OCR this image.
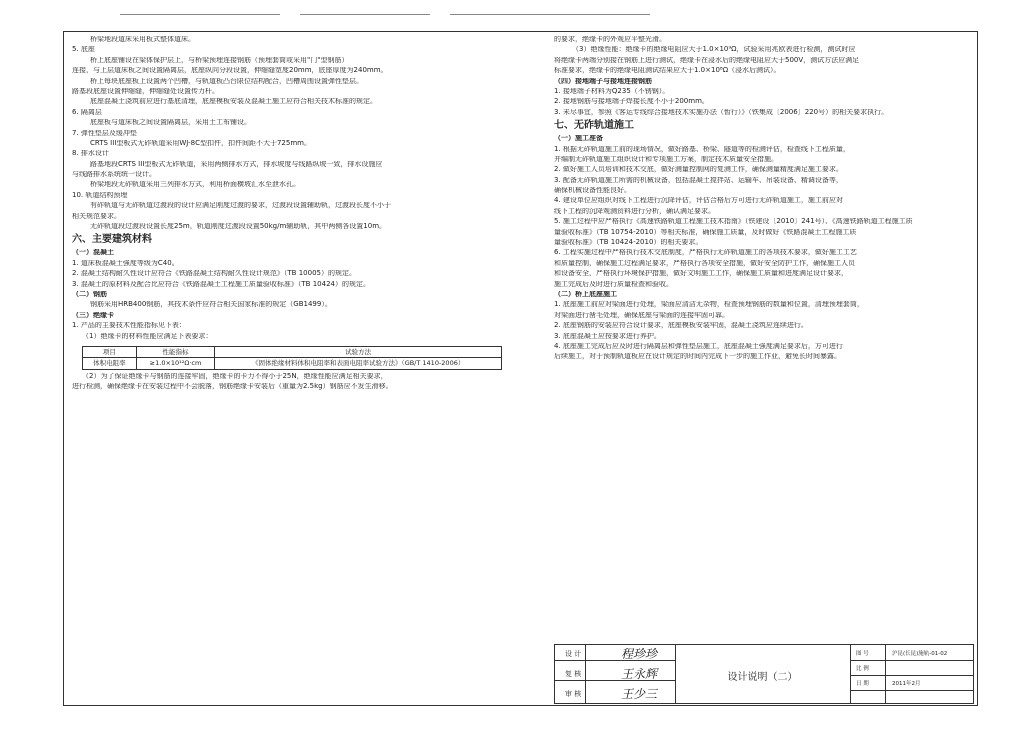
桥梁地段道床采用板式整体道床。
5. 底座
桥上底座铺设在梁体保护层上，与桥梁预埋连接钢筋（预埋套筒或采用"门"型钢筋）
连接，与上层道床板之间设置隔离层，底座纵向分段设置，伸缩缝宽度20mm，底座厚度为240mm。
桥上每块底座板上设置两个凹槽，与轨道板凸台限位结构配合，凹槽周围设置弹性垫层。
路基段底座设置伸缩缝，伸缩缝处设置传力杆。
底座混凝土浇筑前应进行基底清理，底座模板安装及混凝土施工应符合相关技术标准的规定。
6. 隔离层
底座板与道床板之间设置隔离层，采用土工布铺设。
7. 弹性垫层及缓冲垫
CRTS III型板式无砟轨道采用WJ-8C型扣件，扣件间距不大于725mm。
8. 排水设计
路基地段CRTS III型板式无砟轨道，采用两侧排水方式，排水坡度与线路纵坡一致，排水设施应
与线路排水系统统一设计。
桥梁地段无砟轨道采用三列排水方式，利用桥面横坡汇水至泄水孔。
10. 轨道结构预埋
有砟轨道与无砟轨道过渡段的设计应满足刚度过渡的要求，过渡段设置辅助轨，过渡段长度不小于
相关规范要求。
无砟轨道段过渡段设置长度25m，轨道刚度过渡段设置50kg/m辅助轨，其中两侧各设置10m。
六、主要建筑材料
（一）混凝土
1. 道床板混凝土强度等级为C40。
2. 混凝土结构耐久性设计应符合《铁路混凝土结构耐久性设计规范》（TB 10005）的规定。
3. 混凝土的原材料及配合比应符合《铁路混凝土工程施工质量验收标准》（TB 10424）的规定。
（二）钢筋
钢筋采用HRB400钢筋，其技术条件应符合相关国家标准的规定（GB1499）。
（三）绝缘卡
1. 产品的主要技术性能指标见下表：
（1）绝缘卡的材料性能应满足下表要求：
项目	性能指标	试验方法
体积电阻率	≥1.0×10¹²Ω·cm	《固体绝缘材料体积电阻率和表面电阻率试验方法》（GB/T 1410-2006）
（2）为了保证绝缘卡与钢筋的连接牢固，绝缘卡的卡力不得小于25N，绝缘性能应满足相关要求，
进行检测，确保绝缘卡在安装过程中不会脱落，钢筋绝缘卡安装后（重量为2.5kg）钢筋应不发生滑移。
的要求，绝缘卡的外观应平整光滑。
（3）绝缘性能：绝缘卡的绝缘电阻应大于1.0×10⁹Ω，试验采用兆欧表进行检测，测试时应
将绝缘卡两端分别接在钢筋上进行测试，绝缘卡在浸水后的绝缘电阻应大于500V，测试方法应满足
标准要求，绝缘卡的绝缘电阻测试结果应大于1.0×10⁸Ω（浸水后测试）。
（四）接地端子与接地连接钢筋
1. 接地端子材料为Q235（不锈钢）。
2. 接地钢筋与接地端子焊接长度不小于200mm。
3. 未尽事宜，参照《客运专线综合接地技术实施办法（暂行）》（铁集成〔2006〕220号）的相关要求执行。
七、无砟轨道施工
（一）施工准备
1. 根据无砟轨道施工前的现场情况，做好路基、桥梁、隧道等的检测评估，检查线下工程质量，
并编制无砟轨道施工组织设计和专项施工方案，制定技术质量安全措施。
2. 做好施工人员培训和技术交底，做好测量控制网的复测工作，确保测量精度满足施工要求。
3. 配备无砟轨道施工所需的机械设备，包括混凝土搅拌站、运输车、吊装设备、精调设备等，
确保机械设备性能良好。
4. 建设单位应组织对线下工程进行沉降评估，评估合格后方可进行无砟轨道施工，施工前应对
线下工程的沉降观测资料进行分析，确认满足要求。
5. 施工过程中应严格执行《高速铁路轨道工程施工技术指南》（铁建设〔2010〕241号）、《高速铁路轨道工程施工质
量验收标准》（TB 10754-2010）等相关标准，确保施工质量，及时做好《铁路混凝土工程施工质
量验收标准》（TB 10424-2010）的相关要求。
6. 工程实施过程中严格执行技术交底制度，严格执行无砟轨道施工的各项技术要求，做好施工工艺
和质量控制，确保施工过程满足要求，严格执行各项安全措施，做好安全防护工作，确保施工人员
和设备安全，严格执行环境保护措施，做好文明施工工作，确保施工质量和进度满足设计要求，
施工完成后及时进行质量检查和验收。
（二）桥上底座施工
1. 底座施工前应对梁面进行处理，梁面应清洁无杂物，检查预埋钢筋的数量和位置，清理预埋套筒，
对梁面进行凿毛处理，确保底座与梁面的连接牢固可靠。
2. 底座钢筋的安装应符合设计要求，底座模板安装牢固，混凝土浇筑应连续进行。
3. 底座混凝土应按要求进行养护。
4. 底座施工完成后应及时进行隔离层和弹性垫层施工，底座混凝土强度满足要求后，方可进行
后续施工，对于预制轨道板应在设计规定的时间内完成下一步的施工作业，避免长时间暴露。
设 计	程珍珍
复 核	王永辉
审 核	王少三
设计说明（二）
图 号	沪昆(长昆)施轨-01-02
比 例
日 期	2011年2月
